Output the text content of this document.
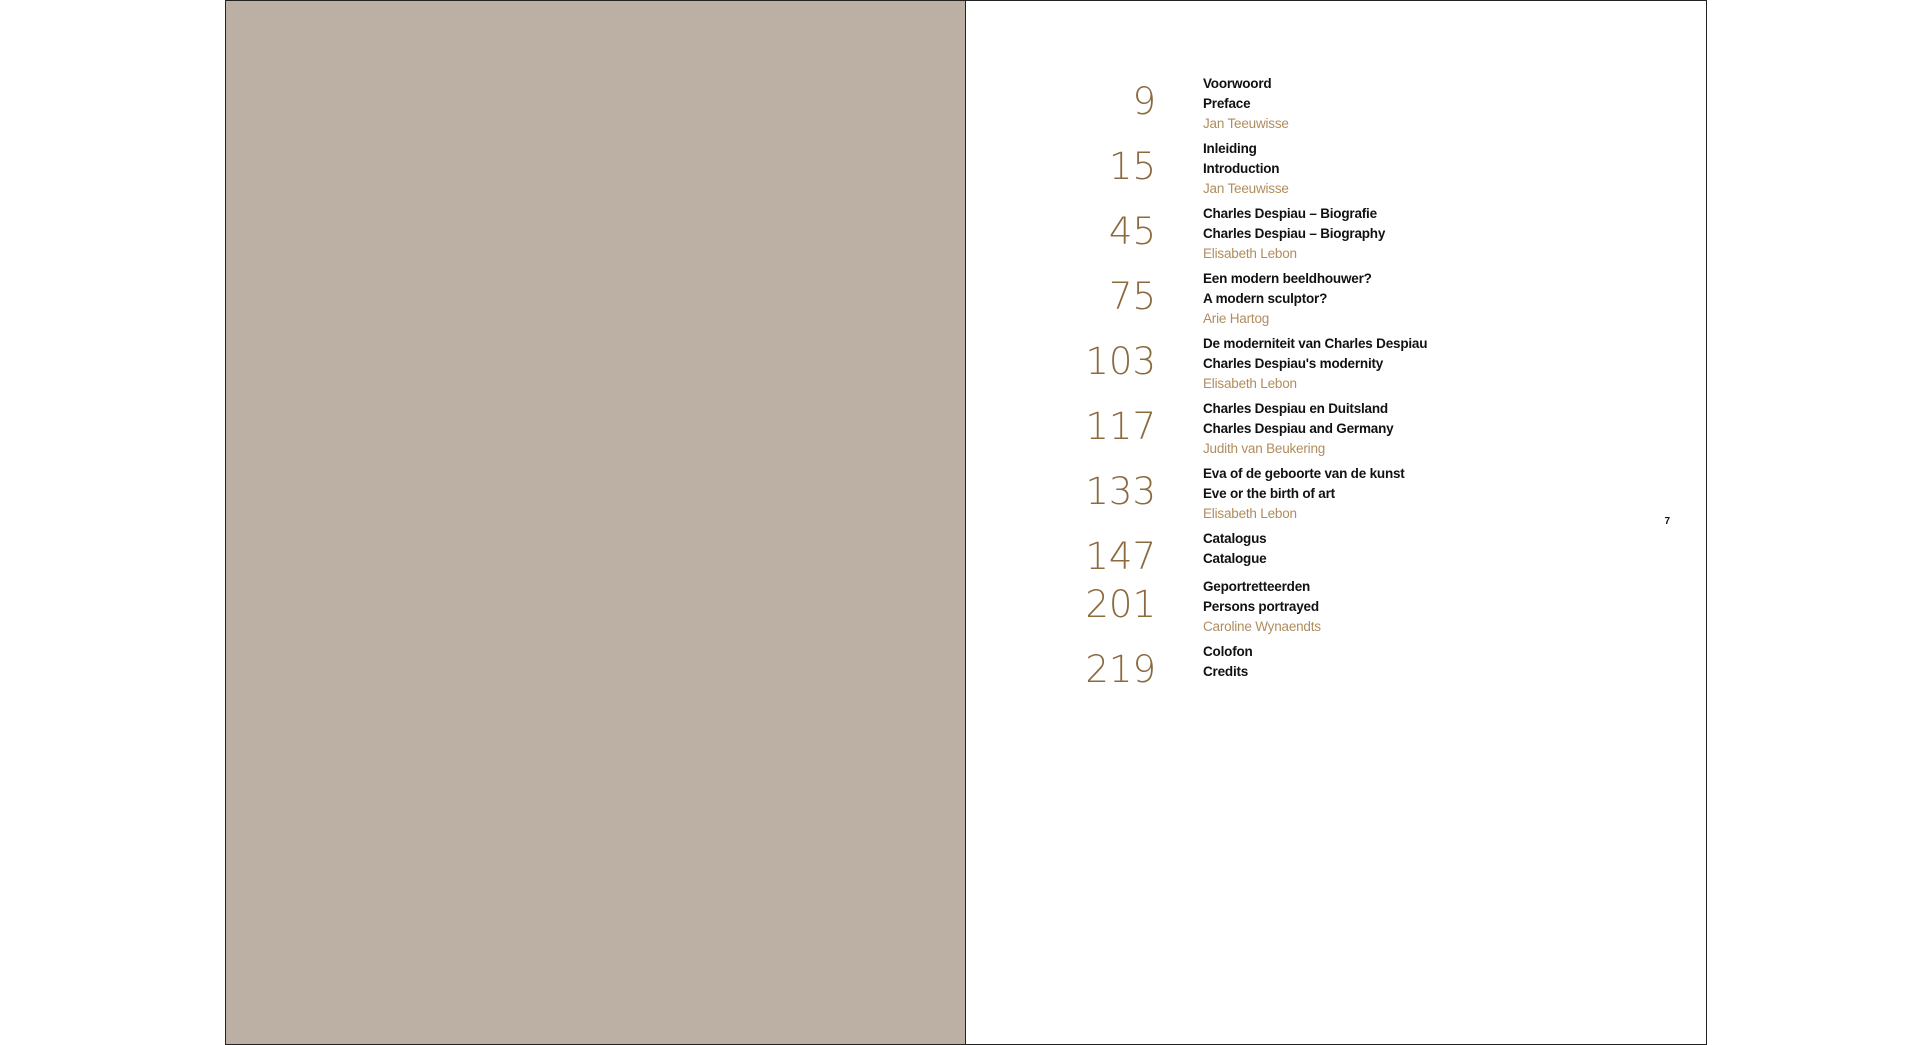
9	Voorwoord
Preface
Jan Teeuwisse
15	Inleiding
Introduction
Jan Teeuwisse
45	Charles Despiau – Biografie
Charles Despiau – Biography
Elisabeth Lebon
75	Een modern beeldhouwer?
A modern sculptor?
Arie Hartog
103	De moderniteit van Charles Despiau
Charles Despiau's modernity
Elisabeth Lebon
117	Charles Despiau en Duitsland
Charles Despiau and Germany
Judith van Beukering
133	Eva of de geboorte van de kunst
Eve or the birth of art
Elisabeth Lebon
147	Catalogus
Catalogue
201	Geportretteerden
Persons portrayed
Caroline Wynaendts
219	Colofon
Credits
7
